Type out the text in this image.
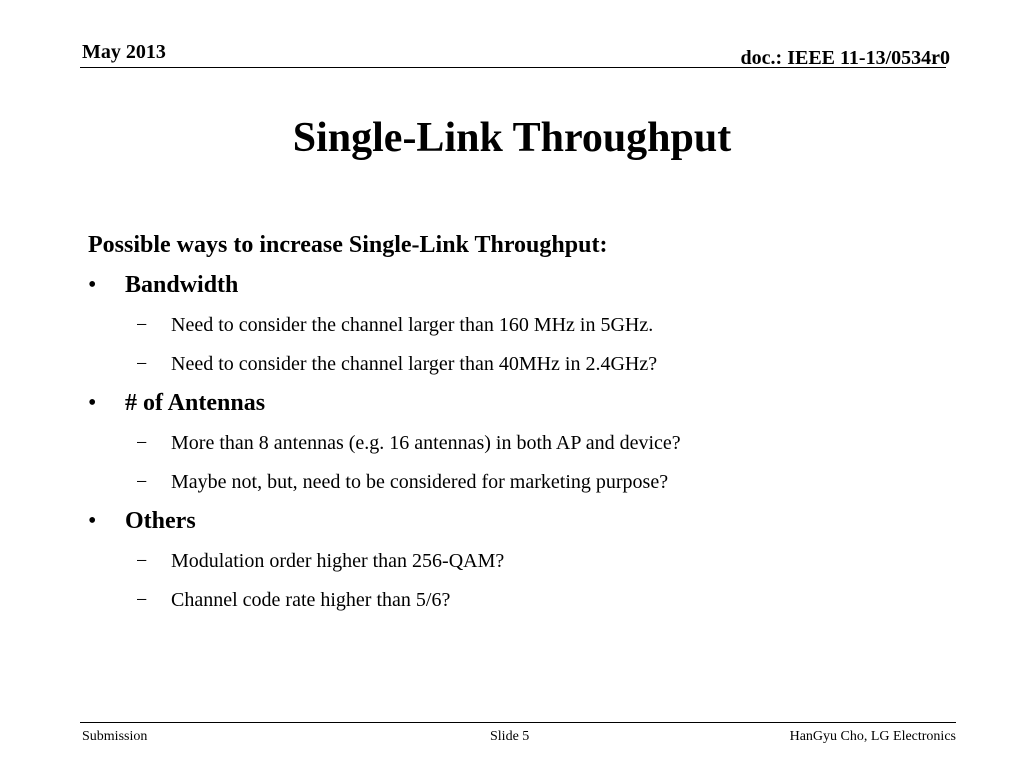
May 2013	doc.: IEEE 11-13/0534r0
Single-Link Throughput
Possible ways to increase Single-Link Throughput:
• Bandwidth
− Need to consider the channel larger than 160 MHz in 5GHz.
− Need to consider the channel larger than 40MHz in 2.4GHz?
• # of Antennas
− More than 8 antennas (e.g. 16 antennas) in both AP and device?
− Maybe not, but, need to be considered for marketing purpose?
• Others
− Modulation order higher than 256-QAM?
− Channel code rate higher than 5/6?
Submission	Slide 5	HanGyu Cho, LG Electronics
